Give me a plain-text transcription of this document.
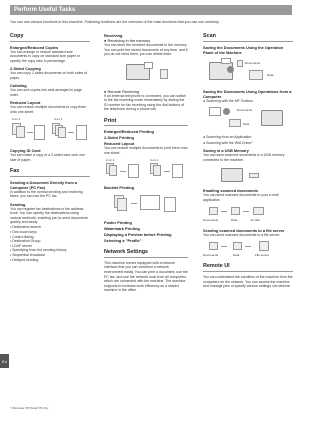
Perform Useful Tasks
You can use various functions in this machine. Following functions are the overview of the main functions that you can use routinely.
En
Copy
Enlarged/Reduced Copies
You can enlarge or reduce standard size documents to copy on standard size paper or specify the copy ratio in percentage.
2-Sided Copying
You can copy 1-sided documents on both sides of paper.
Collating
You can sort copies into sets arranged in page order.
Reduced Layout
You can reduce multiple documents to copy them onto one sheet.
2 on 1	4 on 1
Copying ID Card
You can make a copy of a 2-sided card onto one side of paper.
Fax
Sending a Document Directly from a Computer (PC Fax)
In addition to the normal sending and receiving faxes, you can use the PC fax.
Sending
You can register fax destinations in the address book. You can specify the destinations using various methods, enabling you to send documents quickly and easily.
• Destination search
• One-touch keys
• Coded dialing
• Destination Group
• LDAP server
• Specifying from the sending history
• Sequential broadcast
• Delayed sending
Receiving
● Receiving in the memory
You can store the received documents in the memory. You can print the stored documents at any time, and if you do not need them, you can delete them.
● Remote Receiving
If an external telephone is connected, you can switch to the fax receiving mode immediately by dialing the ID number for fax receiving using the dial buttons of the telephone during a phone call.
Print
Enlarged/Reduced Printing
2-Sided Printing
Reduced Layout
You can reduce multiple documents to print them onto one sheet.
2 on 1	4 on 1
Booklet Printing
Poster Printing
Watermark Printing
Displaying a Preview before Printing
Selecting a "Profile"
Network Settings
This machine comes equipped with a network interface that you can construct a network environment easily. You can print a document, use the PC fax, and use the network scan from all computers which are connected with the machine. The machine supports to increase work efficiency as a shared machine in the office.
Scan
Saving the Documents Using the Operation Panel of the Machine
Documents
Data
Saving the Documents Using Operations from a Computer
● Scanning with the MF Toolbox
Documents
Data
● Scanning from an Application
● Scanning with the WIA Driver*
Saving in a USB Memory
You can save scanned documents in a USB memory connected to the machine.
Emailing scanned documents
You can send scanned documents to your e-mail application.
Documents	Data	E-mail
Sending scanned documents to a file server
You can send scanned documents to a file server.
Documents	Data	File server
Remote UI
You can understand the condition of the machine from the computers on the network. You can access the machine and manage jobs or specify various settings via network.
* Windows XP/Vista/7/8 Only
